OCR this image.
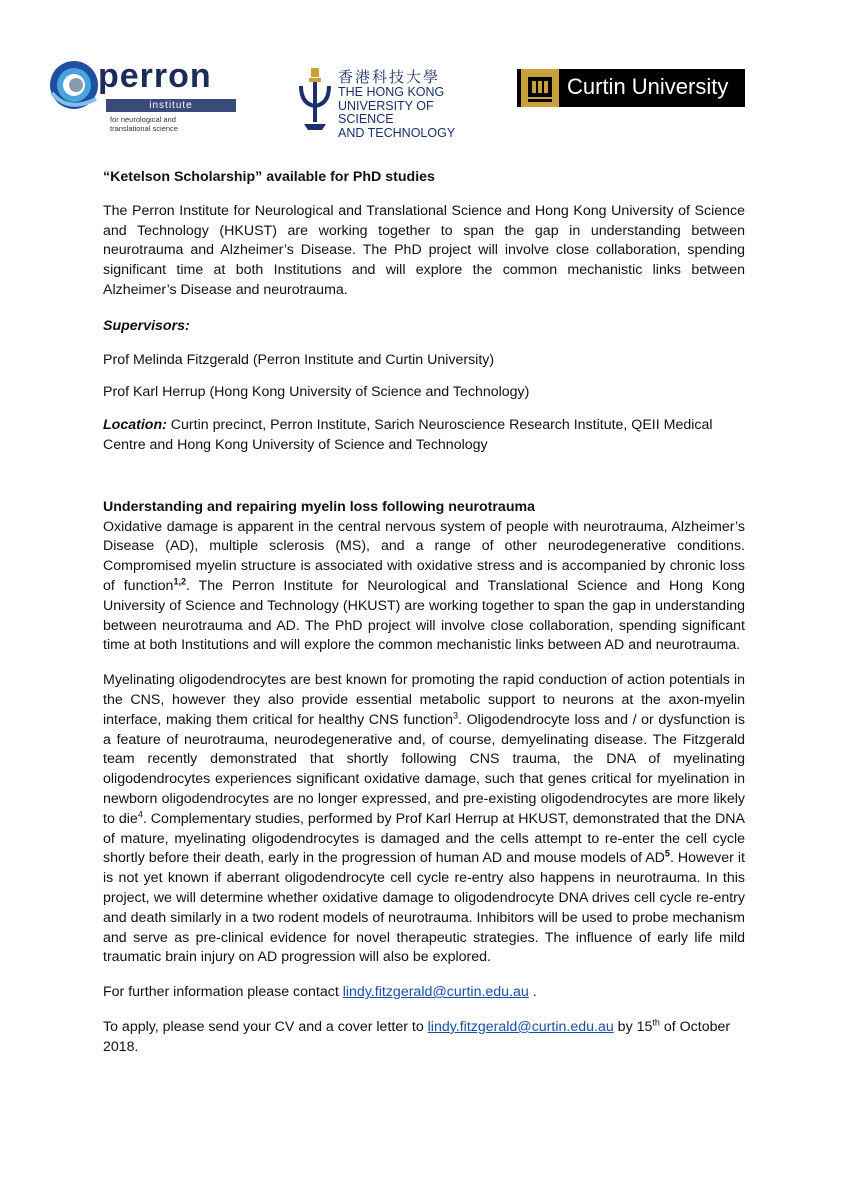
perron
institute
for neurological and
translational science
香港科技大學
THE HONG KONG
UNIVERSITY OF SCIENCE
AND TECHNOLOGY
Curtin University

“Ketelson Scholarship” available for PhD studies

The Perron Institute for Neurological and Translational Science and Hong Kong University of Science and Technology (HKUST) are working together to span the gap in understanding between neurotrauma and Alzheimer’s Disease. The PhD project will involve close collaboration, spending significant time at both Institutions and will explore the common mechanistic links between Alzheimer’s Disease and neurotrauma.

Supervisors:

Prof Melinda Fitzgerald (Perron Institute and Curtin University)

Prof Karl Herrup (Hong Kong University of Science and Technology)

Location: Curtin precinct, Perron Institute, Sarich Neuroscience Research Institute, QEII Medical Centre and Hong Kong University of Science and Technology

Understanding and repairing myelin loss following neurotrauma

Oxidative damage is apparent in the central nervous system of people with neurotrauma, Alzheimer’s Disease (AD), multiple sclerosis (MS), and a range of other neurodegenerative conditions. Compromised myelin structure is associated with oxidative stress and is accompanied by chronic loss of function$^{1,2}$. The Perron Institute for Neurological and Translational Science and Hong Kong University of Science and Technology (HKUST) are working together to span the gap in understanding between neurotrauma and AD. The PhD project will involve close collaboration, spending significant time at both Institutions and will explore the common mechanistic links between AD and neurotrauma.

Myelinating oligodendrocytes are best known for promoting the rapid conduction of action potentials in the CNS, however they also provide essential metabolic support to neurons at the axon-myelin interface, making them critical for healthy CNS function$^3$. Oligodendrocyte loss and / or dysfunction is a feature of neurotrauma, neurodegenerative and, of course, demyelinating disease. The Fitzgerald team recently demonstrated that shortly following CNS trauma, the DNA of myelinating oligodendrocytes experiences significant oxidative damage, such that genes critical for myelination in newborn oligodendrocytes are no longer expressed, and pre-existing oligodendrocytes are more likely to die$^4$. Complementary studies, performed by Prof Karl Herrup at HKUST, demonstrated that the DNA of mature, myelinating oligodendrocytes is damaged and the cells attempt to re-enter the cell cycle shortly before their death, early in the progression of human AD and mouse models of $AD^5$. However it is not yet known if aberrant oligodendrocyte cell cycle re-entry also happens in neurotrauma. In this project, we will determine whether oxidative damage to oligodendrocyte DNA drives cell cycle re-entry and death similarly in a two rodent models of neurotrauma. Inhibitors will be used to probe mechanism and serve as pre-clinical evidence for novel therapeutic strategies. The influence of early life mild traumatic brain injury on AD progression will also be explored.

For further information please contact lindy.fitzgerald@curtin.edu.au .

To apply, please send your CV and a cover letter to lindy.fitzgerald@curtin.edu.au by 15th of October 2018.
